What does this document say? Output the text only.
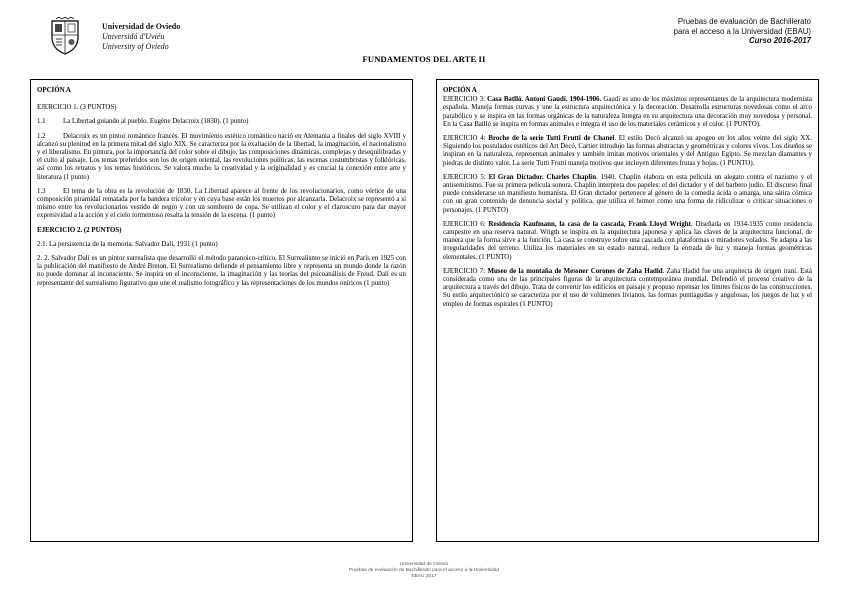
Universidad de Oviedo
Universidá d'Uviéu
University of Oviedo
Pruebas de evaluación de Bachillerato
para el acceso a la Universidad (EBAU)
Curso 2016-2017
FUNDAMENTOS DEL ARTE II

OPCIÓN A

EJERCICIO 1. (3 PUNTOS)

1.1	La Libertad guiando al pueblo. Eugène Delacroix (1830). (1 punto)

1.2	Delacroix es un pintor romántico francés. El movimiento estético romántico nació en Alemania a finales del siglo XVIII y alcanzó su plenitud en la primera mitad del siglo XIX. Se caracteriza por la exaltación de la libertad, la imaginación, el nacionalismo y el liberalismo. En pintura, por la importancia del color sobre el dibujo, las composiciones dinámicas, complejas y desequilibradas y el culto al paisaje. Los temas preferidos son los de origen oriental, las revoluciones políticas, las escenas costumbristas y folklóricas, así como los retratos y los temas históricos. Se valora mucho la creatividad y la originalidad y es crucial la conexión entre arte y literatura (1 punto)

1.3	El tema de la obra es la revolución de 1830. La Libertad aparece al frente de los revolucionarios, como vértice de una composición piramidal rematada por la bandera tricolor y en cuya base están los muertos por alcanzarla. Delacroix se representó a sí mismo entre los revolucionarios vestido de negro y con un sombrero de copa. Se utilizan el color y el claroscuro para dar mayor expresividad a la acción y el cielo tormentoso resalta la tensión de la escena. (1 punto)

EJERCICIO 2. (2 PUNTOS)

2.1. La persistencia de la memoria. Salvador Dalí, 1931 (1 punto)

2. 2. Salvador Dalí es un pintor surrealista que desarrolló el método paranoico-crítico. El Surrealismo se inició en París en 1925 con la publicación del manifiesto de André Breton. El Surrealismo defiende el pensamiento libre y representa un mundo donde la razón no puede dominar al inconsciente. Se inspira en el inconsciente, la imaginación y las teorías del psicoanálisis de Freud. Dalí es un representante del surrealismo figurativo que une el realismo fotográfico y las representaciones de los mundos oníricos (1 punto)

OPCIÓN A

EJERCICIO 3: Casa Batlló. Antoni Gaudí. 1904-1906. Gaudí es uno de los máximos representantes de la arquitectura modernista española. Maneja formas curvas y une la estructura arquitectónica y la decoración. Desarrolla estructuras novedosas como el arco parabólico y se inspira en las formas orgánicas de la naturaleza Integra en su arquitectura una decoración muy novedosa y personal. En la Casa Batlló se inspira en formas animales e integra el uso de los materiales cerámicos y el color. (1 PUNTO).

EJERCICIO 4: Broche de la serie Tutti Frutti de Chanel. El estilo Decó alcanzó su apogeo en los años veinte del siglo XX. Siguiendo los postulados estéticos del Art Decó, Cartier introdujo las formas abstractas y geométricas y colores vivos. Los diseños se inspiran en la naturaleza, representan animales y también imitan motivos orientales y del Antiguo Egipto. Se mezclan diamantes y piedras de distinto valor. La serie Tutti Frutti maneja motivos que incluyen diferentes frutas y hojas. (1 PUNTO).

EJERCICIO 5: El Gran Dictador. Charles Chaplin. 1940. Chaplin elabora en esta película un alegato contra el nazismo y el antisemitismo. Fue su primera película sonora. Chaplin interpreta dos papeles: el del dictador y el del barbero judío. El discurso final puede considerarse un manifiesto humanista. El Gran dictador pertenece al género de la comedia ácida o amarga, una sátira cómica con un gran contenido de denuncia social y política, que utiliza el humor como una forma de ridiculizar o criticar situaciones o personajes. (1 PUNTO)

EJERCICIO 6: Residencia Kaufmann, la casa de la cascada, Frank Lloyd Wright. Diseñada en 1934-1935 como residencia campestre en una reserva natural. Wrigth se inspira en la arquitectura japonesa y aplica las claves de la arquitectura funcional, de manera que la forma sirve a la función. La casa se construye sobre una cascada con plataformas o miradores volados. Se adapta a las irregularidades del terreno. Utiliza los materiales en su estado natural, reduce la entrada de luz y maneja formas geométricas elementales. (1 PUNTO)

EJERCICIO 7: Museo de la montaña de Messner Corones de Zaha Hadid. Zaha Hadid fue una arquitecta de origen iraní. Está considerada como una de las principales figuras de la arquitectura contemporánea mundial. Defendió el proceso creativo de la arquitectura a través del dibujo. Trata de convertir los edificios en paisaje y propuso repensar los límites físicos de las construcciones. Su estilo arquitectónico se caracteriza por el uso de volúmenes livianos, las formas puntiagudas y angulosas, los juegos de luz y el empleo de formas espirales (1 PUNTO)

Universidad de Oviedo
Pruebas de evaluación de Bachillerato para el acceso a la Universidad
EBAU 2017
